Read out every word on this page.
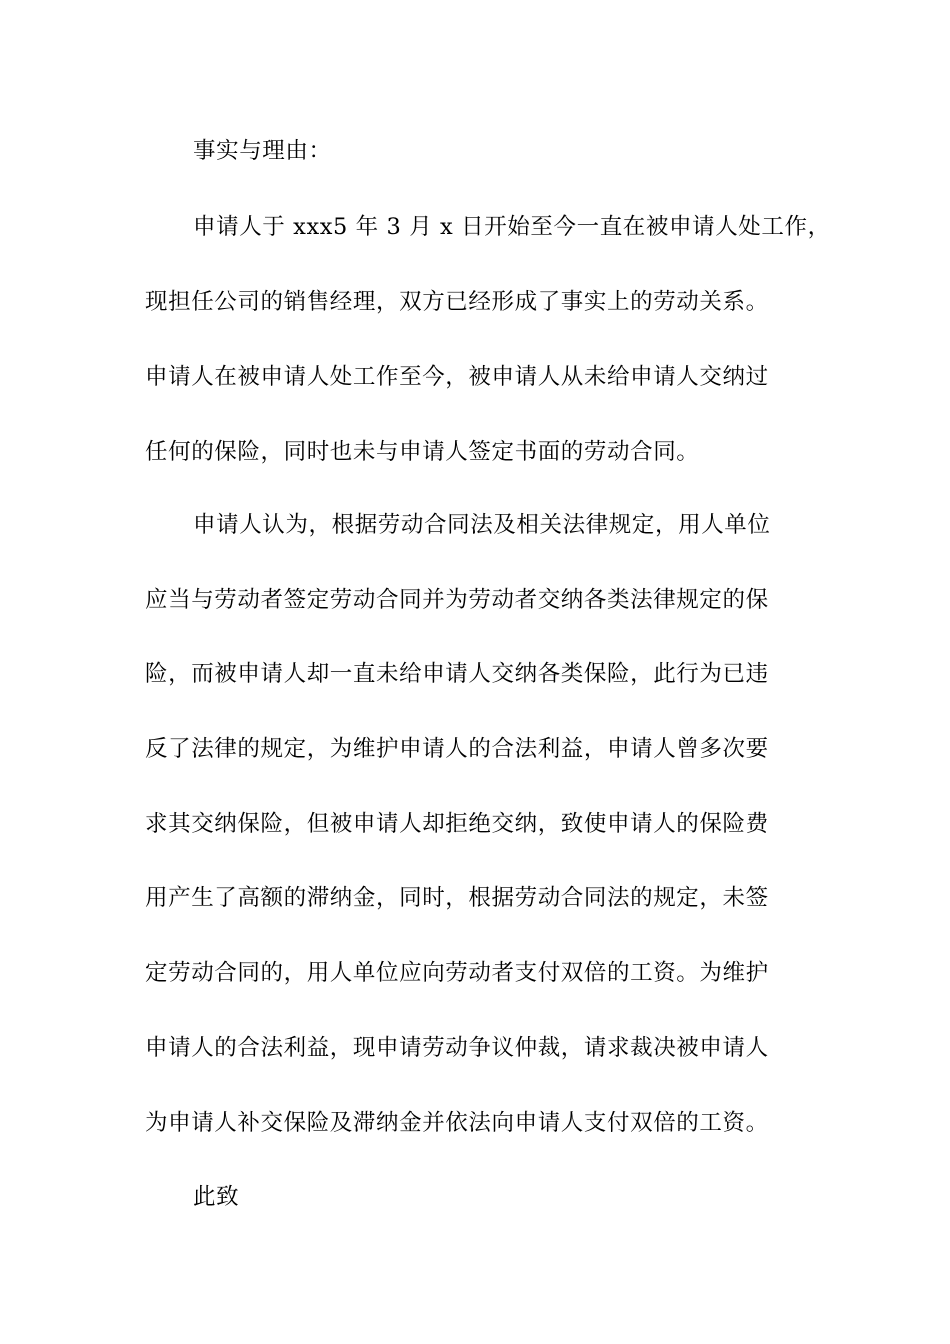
事实与理由：
申请人于 xxx5 年 3 月 x 日开始至今一直在被申请人处工作，
现担任公司的销售经理，双方已经形成了事实上的劳动关系。
申请人在被申请人处工作至今，被申请人从未给申请人交纳过
任何的保险，同时也未与申请人签定书面的劳动合同。
申请人认为，根据劳动合同法及相关法律规定，用人单位
应当与劳动者签定劳动合同并为劳动者交纳各类法律规定的保
险，而被申请人却一直未给申请人交纳各类保险，此行为已违
反了法律的规定，为维护申请人的合法利益，申请人曾多次要
求其交纳保险，但被申请人却拒绝交纳，致使申请人的保险费
用产生了高额的滞纳金，同时，根据劳动合同法的规定，未签
定劳动合同的，用人单位应向劳动者支付双倍的工资。为维护
申请人的合法利益，现申请劳动争议仲裁，请求裁决被申请人
为申请人补交保险及滞纳金并依法向申请人支付双倍的工资。
此致
